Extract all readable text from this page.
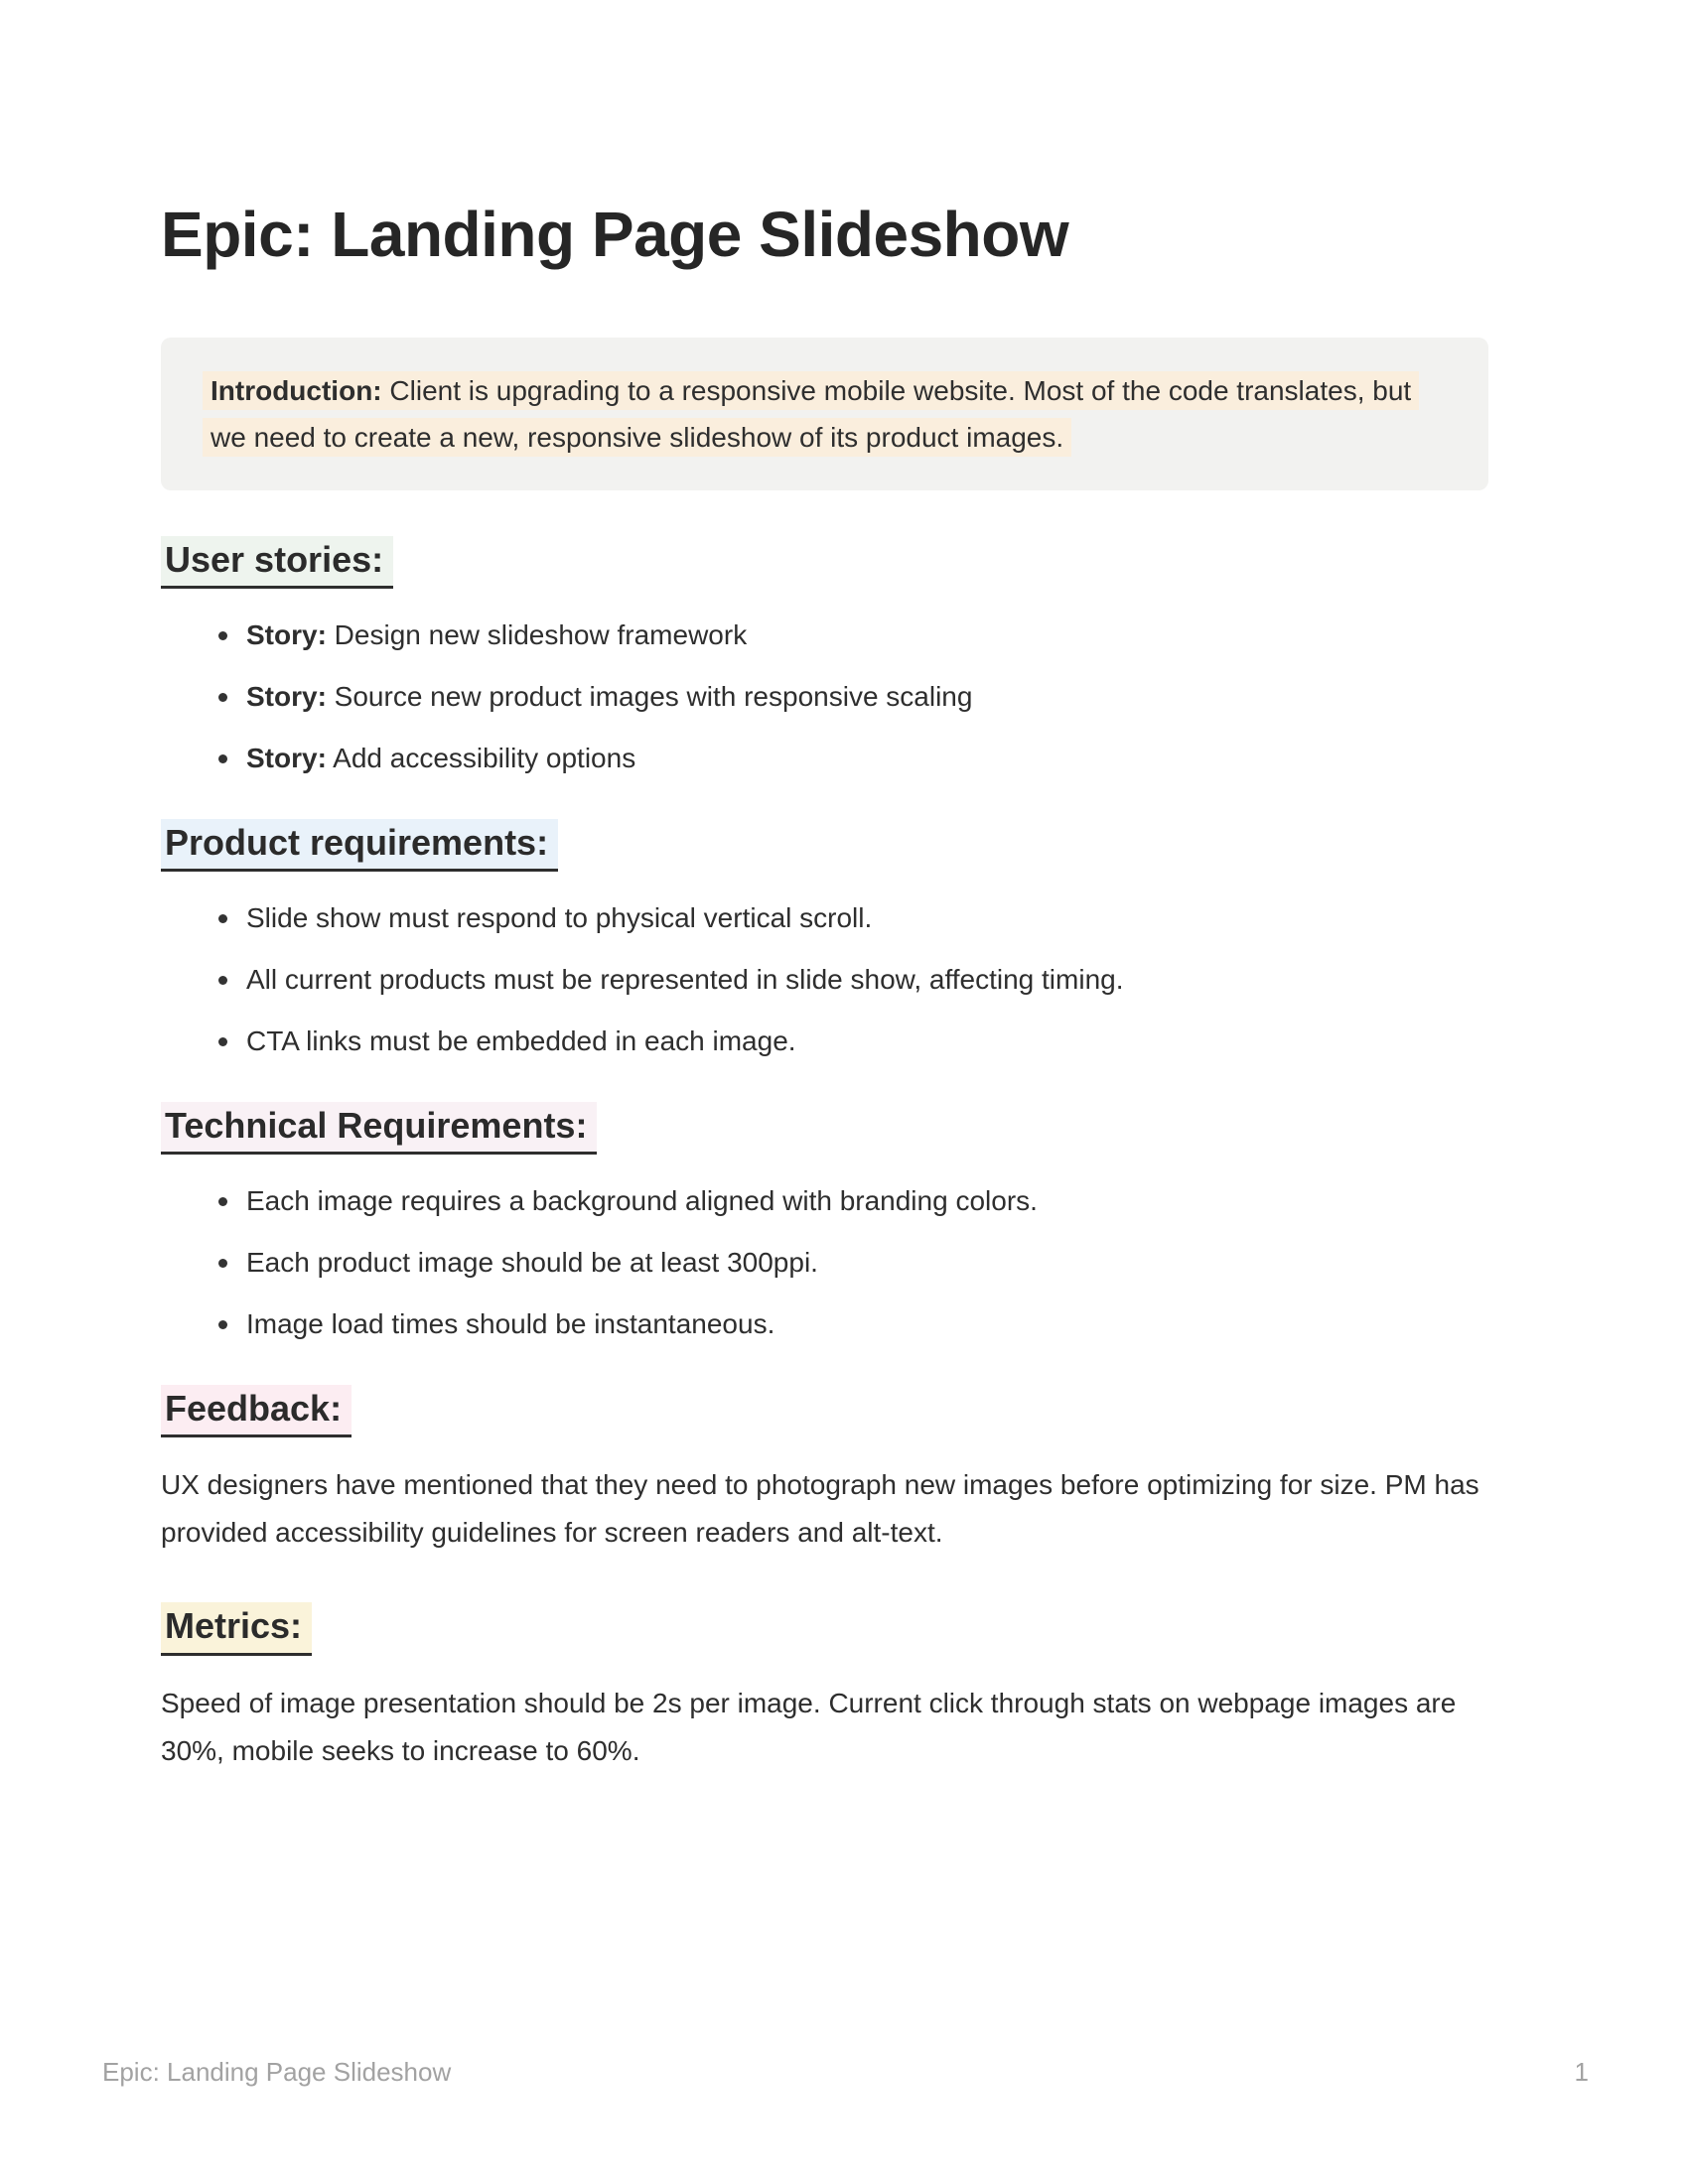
Epic: Landing Page Slideshow
Introduction: Client is upgrading to a responsive mobile website. Most of the code translates, but we need to create a new, responsive slideshow of its product images.
User stories:
Story: Design new slideshow framework
Story: Source new product images with responsive scaling
Story: Add accessibility options
Product requirements:
Slide show must respond to physical vertical scroll.
All current products must be represented in slide show, affecting timing.
CTA links must be embedded in each image.
Technical Requirements:
Each image requires a background aligned with branding colors.
Each product image should be at least 300ppi.
Image load times should be instantaneous.
Feedback:

UX designers have mentioned that they need to photograph new images before optimizing for size. PM has provided accessibility guidelines for screen readers and alt-text.

Metrics:

Speed of image presentation should be 2s per image. Current click through stats on webpage images are 30%, mobile seeks to increase to 60%.

Epic: Landing Page Slideshow	1
